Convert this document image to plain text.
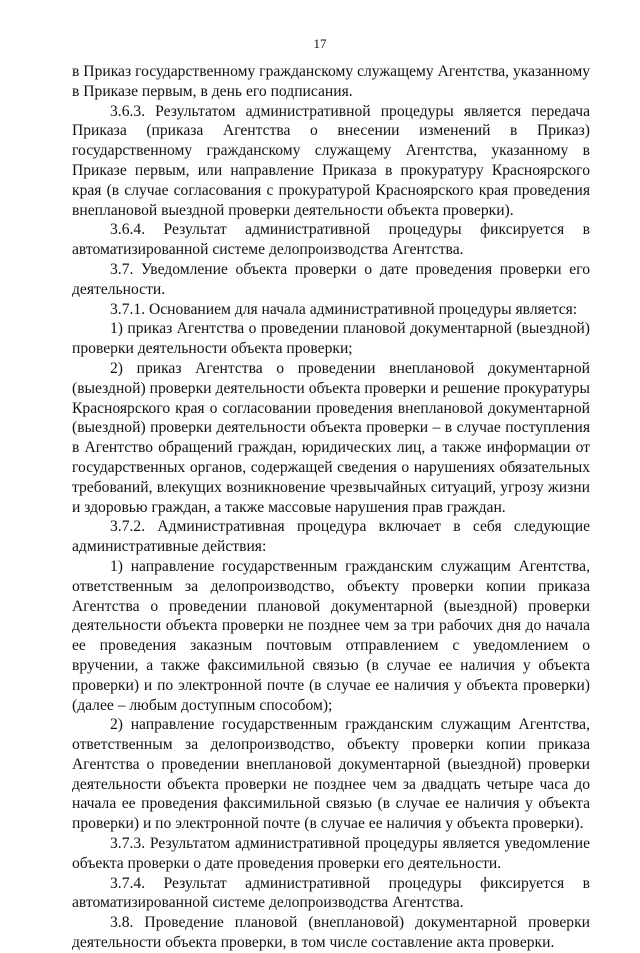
17

в Приказ государственному гражданскому служащему Агентства, указанному в Приказе первым, в день его подписания.

3.6.3. Результатом административной процедуры является передача Приказа (приказа Агентства о внесении изменений в Приказ) государственному гражданскому служащему Агентства, указанному в Приказе первым, или направление Приказа в прокуратуру Красноярского края (в случае согласования с прокуратурой Красноярского края проведения внеплановой выездной проверки деятельности объекта проверки).

3.6.4. Результат административной процедуры фиксируется в автоматизированной системе делопроизводства Агентства.

3.7. Уведомление объекта проверки о дате проведения проверки его деятельности.

3.7.1. Основанием для начала административной процедуры является:

1) приказ Агентства о проведении плановой документарной (выездной) проверки деятельности объекта проверки;

2) приказ Агентства о проведении внеплановой документарной (выездной) проверки деятельности объекта проверки и решение прокуратуры Красноярского края о согласовании проведения внеплановой документарной (выездной) проверки деятельности объекта проверки – в случае поступления в Агентство обращений граждан, юридических лиц, а также информации от государственных органов, содержащей сведения о нарушениях обязательных требований, влекущих возникновение чрезвычайных ситуаций, угрозу жизни и здоровью граждан, а также массовые нарушения прав граждан.

3.7.2. Административная процедура включает в себя следующие административные действия:

1) направление государственным гражданским служащим Агентства, ответственным за делопроизводство, объекту проверки копии приказа Агентства о проведении плановой документарной (выездной) проверки деятельности объекта проверки не позднее чем за три рабочих дня до начала ее проведения заказным почтовым отправлением с уведомлением о вручении, а также факсимильной связью (в случае ее наличия у объекта проверки) и по электронной почте (в случае ее наличия у объекта проверки) (далее – любым доступным способом);

2) направление государственным гражданским служащим Агентства, ответственным за делопроизводство, объекту проверки копии приказа Агентства о проведении внеплановой документарной (выездной) проверки деятельности объекта проверки не позднее чем за двадцать четыре часа до начала ее проведения факсимильной связью (в случае ее наличия у объекта проверки) и по электронной почте (в случае ее наличия у объекта проверки).

3.7.3. Результатом административной процедуры является уведомление объекта проверки о дате проведения проверки его деятельности.

3.7.4. Результат административной процедуры фиксируется в автоматизированной системе делопроизводства Агентства.

3.8. Проведение плановой (внеплановой) документарной проверки деятельности объекта проверки, в том числе составление акта проверки.
